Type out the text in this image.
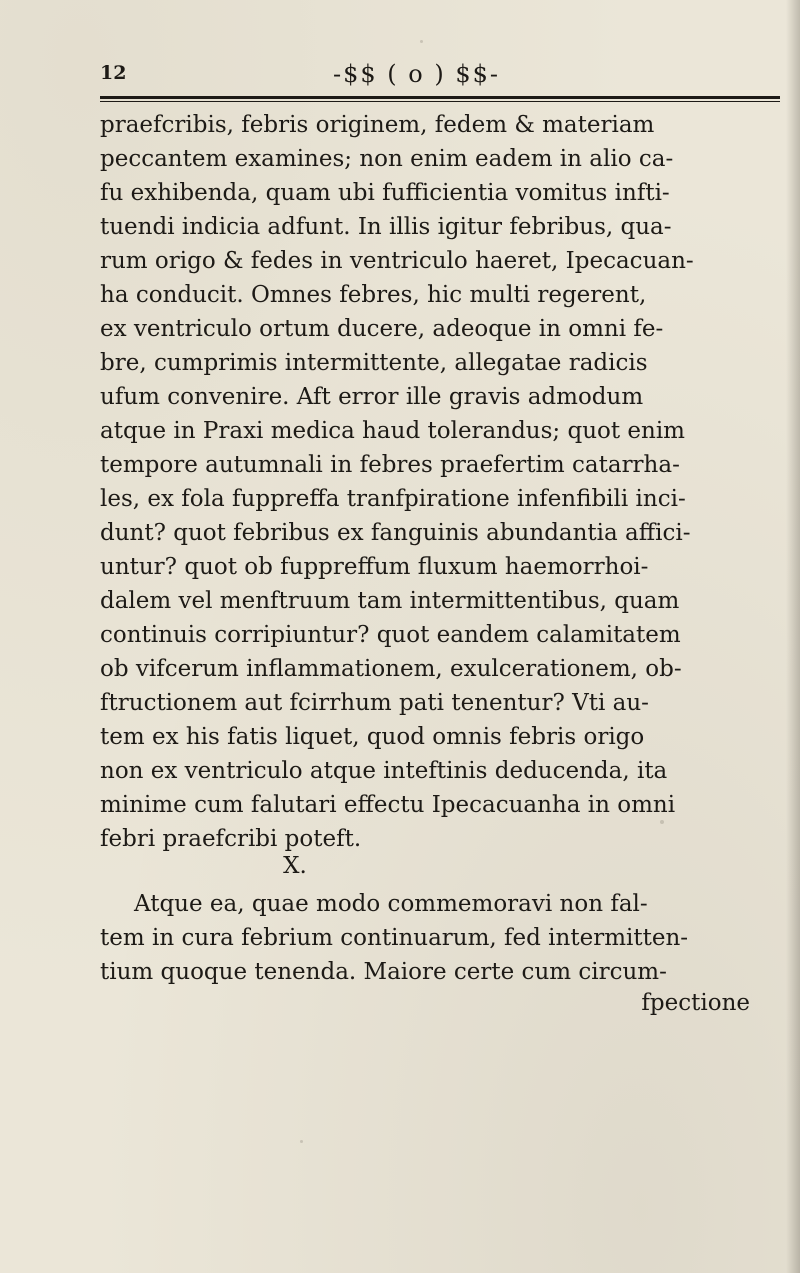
12	-$$ ( o ) $$-
praefcribis, febris originem, fedem & materiam
peccantem examines; non enim eadem in alio ca-
fu exhibenda, quam ubi fufficientia vomitus infti-
tuendi indicia adfunt. In illis igitur febribus, qua-
rum origo & fedes in ventriculo haeret, Ipecacuan-
ha conducit. Omnes febres, hic multi regerent,
ex ventriculo ortum ducere, adeoque in omni fe-
bre, cumprimis intermittente, allegatae radicis
ufum convenire. Aft error ille gravis admodum
atque in Praxi medica haud tolerandus; quot enim
tempore autumnali in febres praefertim catarrha-
les, ex fola fuppreffa tranfpiratione infenfibili inci-
dunt? quot febribus ex fanguinis abundantia affici-
untur? quot ob fuppreffum fluxum haemorrhoi-
dalem vel menftruum tam intermittentibus, quam
continuis corripiuntur? quot eandem calamitatem
ob vifcerum inflammationem, exulcerationem, ob-
ftructionem aut fcirrhum pati tenentur? Vti au-
tem ex his fatis liquet, quod omnis febris origo
non ex ventriculo atque inteftinis deducenda, ita
minime cum falutari effectu Ipecacuanha in omni
febri praefcribi poteft.
X.
Atque ea, quae modo commemoravi non fal-
tem in cura febrium continuarum, fed intermitten-
tium quoque tenenda. Maiore certe cum circum-
fpectione
